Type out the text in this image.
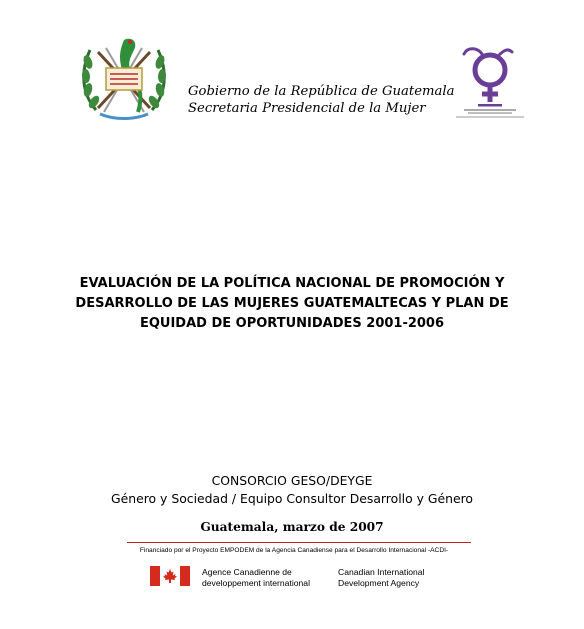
Gobierno de la República de Guatemala
Secretaria Presidencial de la Mujer
EVALUACIÓN DE LA POLÍTICA NACIONAL DE PROMOCIÓN Y
DESARROLLO DE LAS MUJERES GUATEMALTECAS Y PLAN DE
EQUIDAD DE OPORTUNIDADES 2001-2006
CONSORCIO GESO/DEYGE
Género y Sociedad / Equipo Consultor Desarrollo y Género
Guatemala, marzo de 2007
Financiado por el Proyecto EMPODEM de la Agencia Canadiense para el Desarrollo Internacional -ACDI-
Agence Canadienne de
developpement international
Canadian International
Development Agency
